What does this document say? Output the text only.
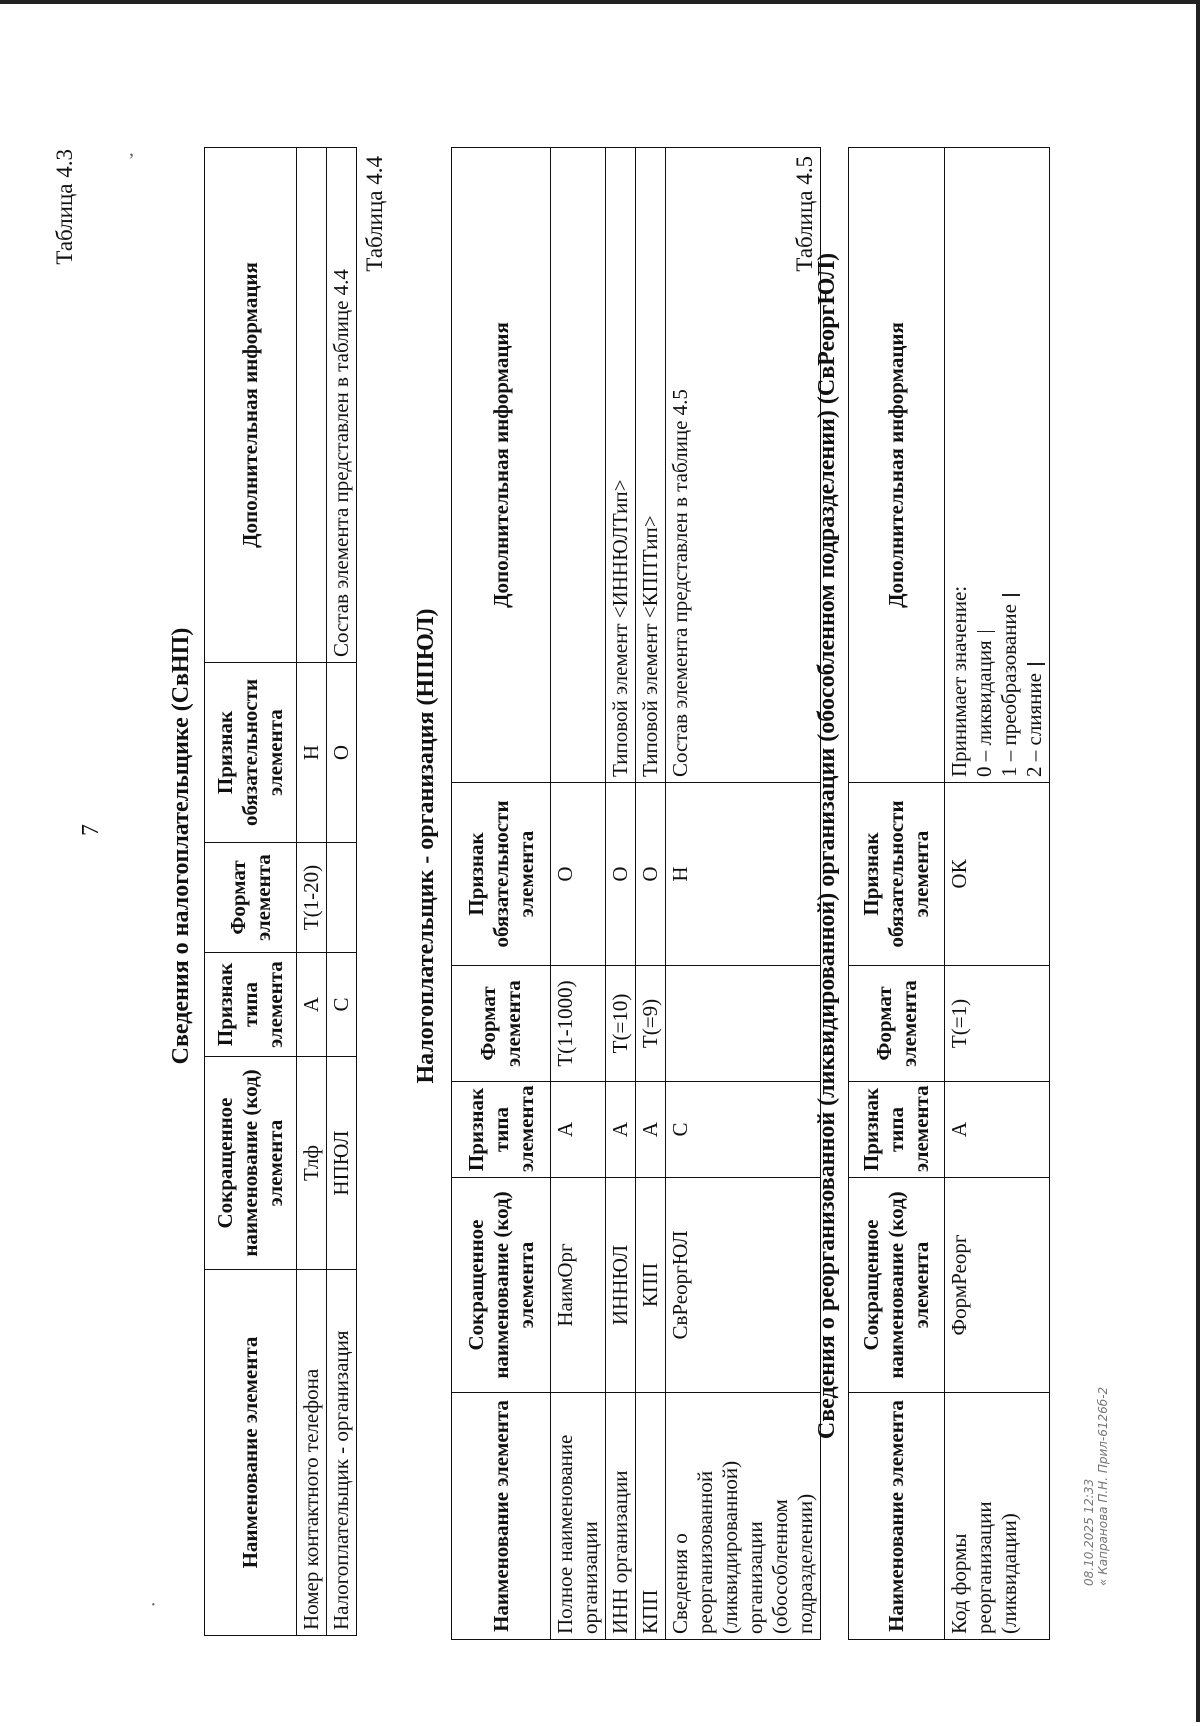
ʼ
·
7
Таблица 4.3
Сведения о налогоплательщике (СвНП)
Наименование элемента	Сокращенное наименование (код) элемента	Признак типа элемента	Формат элемента	Признак обязательности элемента	Дополнительная информация
Номер контактного телефона	Тлф	А	T(1-20)	Н	
Налогоплательщик - организация	НПЮЛ	С		О	Состав элемента представлен в таблице 4.4
Таблица 4.4
Налогоплательщик - организация (НПЮЛ)
Наименование элемента	Сокращенное наименование (код) элемента	Признак типа элемента	Формат элемента	Признак обязательности элемента	Дополнительная информация
Полное наименование организации	НаимОрг	А	T(1-1000)	О	
ИНН организации	ИННЮЛ	А	T(=10)	О	Типовой элемент <ИННЮЛТип>
КПП	КПП	А	T(=9)	О	Типовой элемент <КППТип>
Сведения о реорганизованной (ликвидированной) организации (обособленном подразделении)	СвРеоргЮЛ	С		Н	Состав элемента представлен в таблице 4.5
Таблица 4.5
Сведения о реорганизованной (ликвидированной) организации (обособленном подразделении) (СвРеоргЮЛ)
Наименование элемента	Сокращенное наименование (код) элемента	Признак типа элемента	Формат элемента	Признак обязательности элемента	Дополнительная информация
Код формы реорганизации (ликвидации)	ФормРеорг	А	T(=1)	ОК	Принимает значение: 0 – ликвидация 1 – преобразование 2 – слияние
08.10.2025 12:33 « Капранова П.Н. Прил-6126б-2
